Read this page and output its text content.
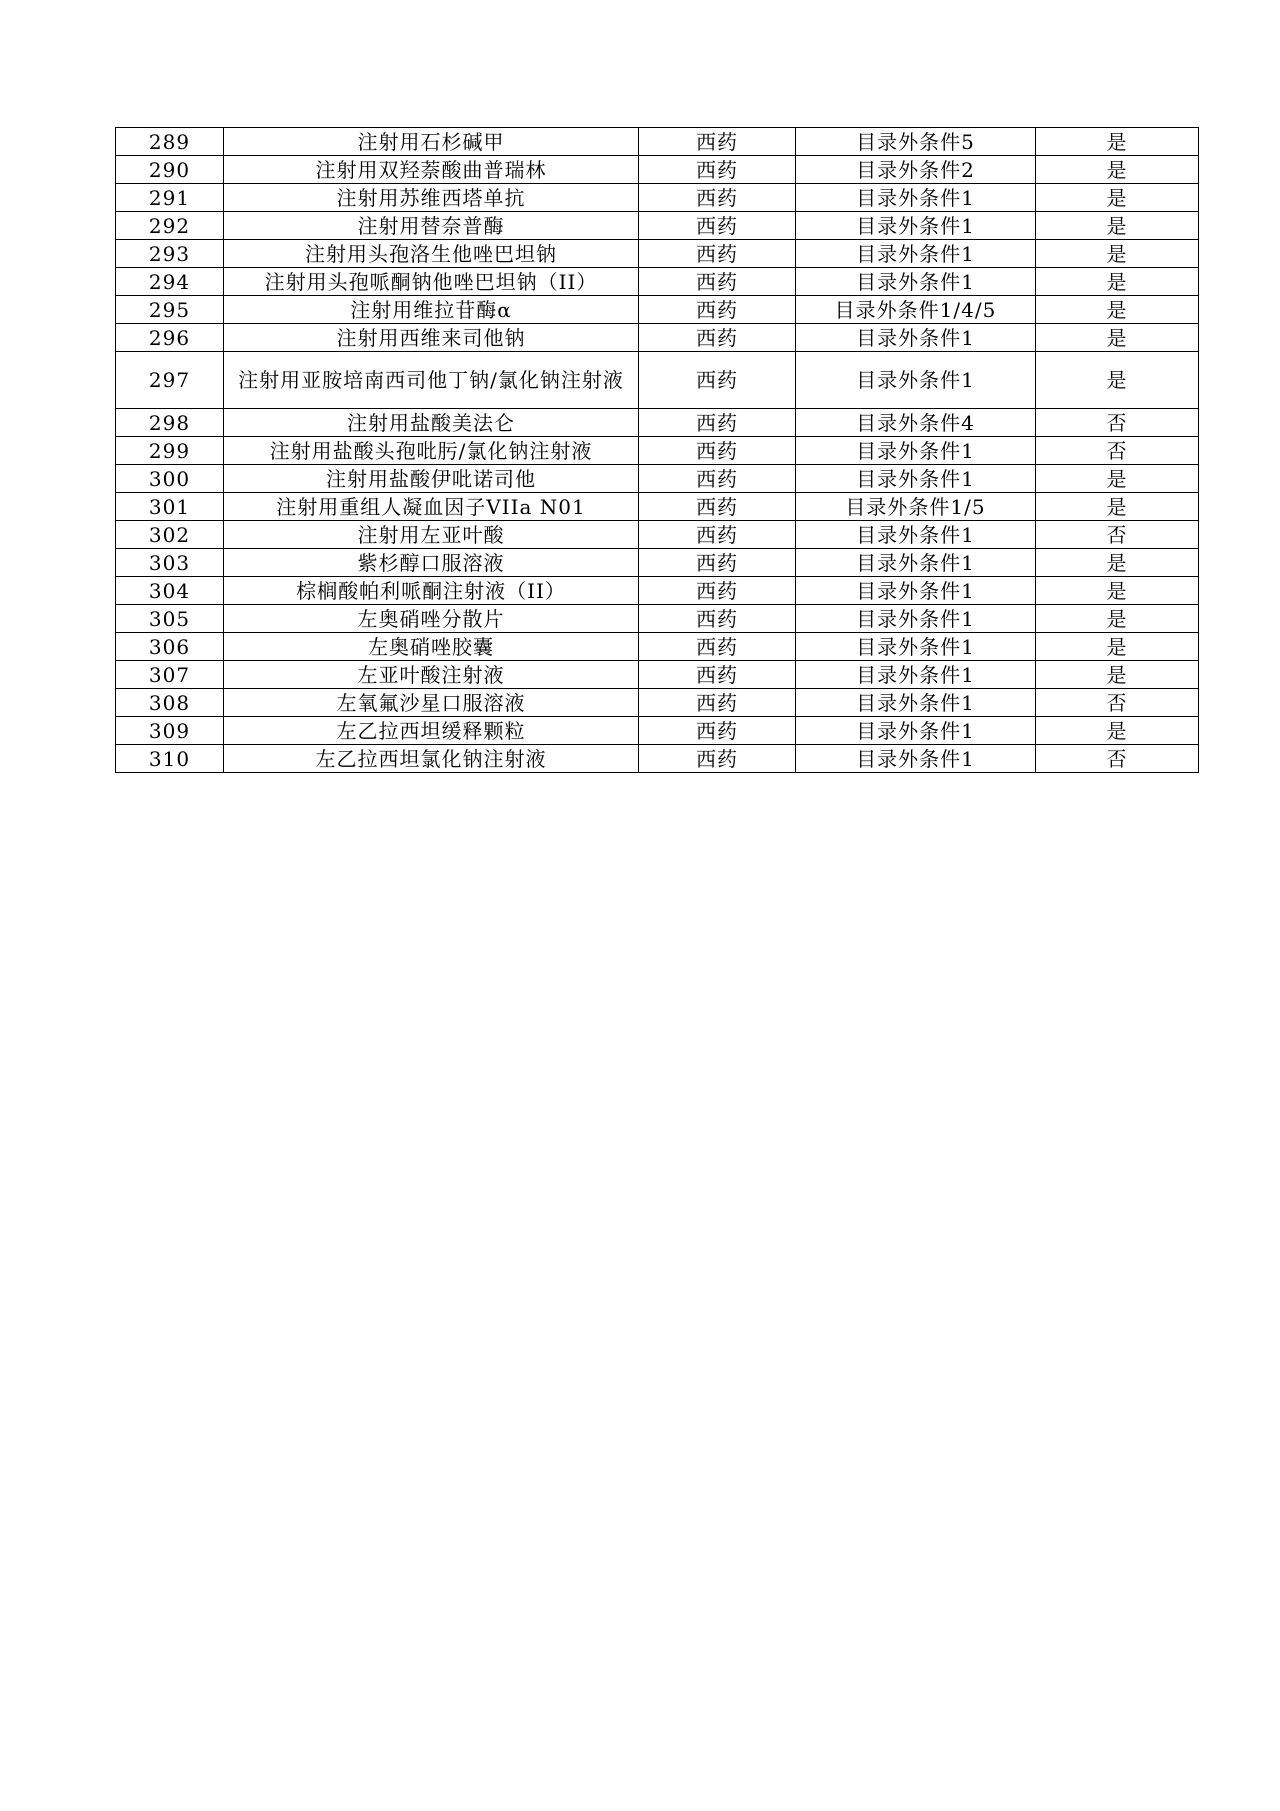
289	注射用石杉碱甲	西药	目录外条件5	是
290	注射用双羟萘酸曲普瑞林	西药	目录外条件2	是
291	注射用苏维西塔单抗	西药	目录外条件1	是
292	注射用替奈普酶	西药	目录外条件1	是
293	注射用头孢洛生他唑巴坦钠	西药	目录外条件1	是
294	注射用头孢哌酮钠他唑巴坦钠（II）	西药	目录外条件1	是
295	注射用维拉苷酶α	西药	目录外条件1/4/5	是
296	注射用西维来司他钠	西药	目录外条件1	是
297	注射用亚胺培南西司他丁钠/氯化钠注射液	西药	目录外条件1	是
298	注射用盐酸美法仑	西药	目录外条件4	否
299	注射用盐酸头孢吡肟/氯化钠注射液	西药	目录外条件1	否
300	注射用盐酸伊吡诺司他	西药	目录外条件1	是
301	注射用重组人凝血因子VIIa N01	西药	目录外条件1/5	是
302	注射用左亚叶酸	西药	目录外条件1	否
303	紫杉醇口服溶液	西药	目录外条件1	是
304	棕榈酸帕利哌酮注射液（II）	西药	目录外条件1	是
305	左奥硝唑分散片	西药	目录外条件1	是
306	左奥硝唑胶囊	西药	目录外条件1	是
307	左亚叶酸注射液	西药	目录外条件1	是
308	左氧氟沙星口服溶液	西药	目录外条件1	否
309	左乙拉西坦缓释颗粒	西药	目录外条件1	是
310	左乙拉西坦氯化钠注射液	西药	目录外条件1	否
